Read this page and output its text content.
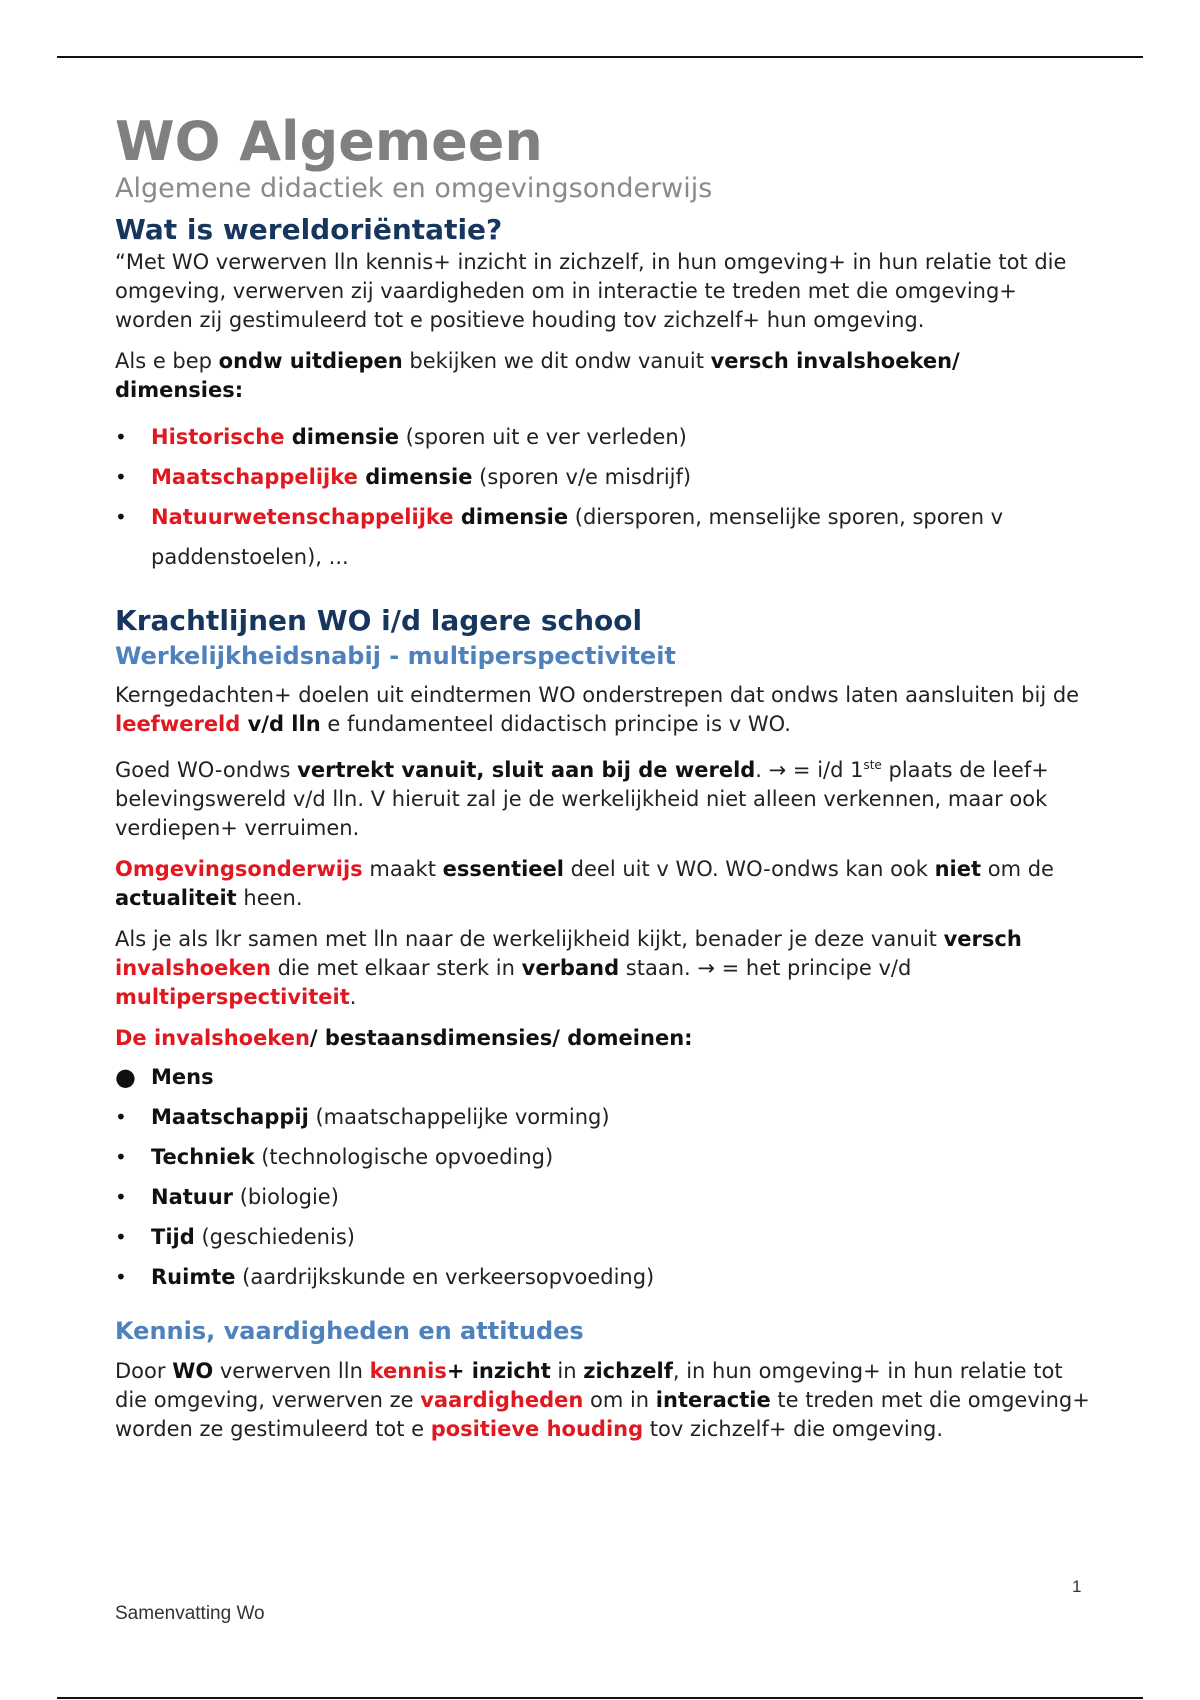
WO Algemeen
Algemene didactiek en omgevingsonderwijs
Wat is wereldoriëntatie?

“Met WO verwerven lln kennis+ inzicht in zichzelf, in hun omgeving+ in hun relatie tot die omgeving, verwerven zij vaardigheden om in interactie te treden met die omgeving+ worden zij gestimuleerd tot e positieve houding tov zichzelf+ hun omgeving.

Als e bep ondw uitdiepen bekijken we dit ondw vanuit versch invalshoeken/ dimensies:

• Historische dimensie (sporen uit e ver verleden)
• Maatschappelijke dimensie (sporen v/e misdrijf)
• Natuurwetenschappelijke dimensie (diersporen, menselijke sporen, sporen v paddenstoelen), ...
Krachtlijnen WO i/d lagere school
Werkelijkheidsnabij - multiperspectiviteit

Kerngedachten+ doelen uit eindtermen WO onderstrepen dat ondws laten aansluiten bij de leefwereld v/d lln e fundamenteel didactisch principe is v WO.

Goed WO-ondws vertrekt vanuit, sluit aan bij de wereld. → = i/d 1ste plaats de leef+ belevingswereld v/d lln. V hieruit zal je de werkelijkheid niet alleen verkennen, maar ook verdiepen+ verruimen.

Omgevingsonderwijs maakt essentieel deel uit v WO. WO-ondws kan ook niet om de actualiteit heen.

Als je als lkr samen met lln naar de werkelijkheid kijkt, benader je deze vanuit versch invalshoeken die met elkaar sterk in verband staan. → = het principe v/d multiperspectiviteit.

De invalshoeken/ bestaansdimensies/ domeinen:

● Mens
• Maatschappij (maatschappelijke vorming)
• Techniek (technologische opvoeding)
• Natuur (biologie)
• Tijd (geschiedenis)
• Ruimte (aardrijkskunde en verkeersopvoeding)
Kennis, vaardigheden en attitudes

Door WO verwerven lln kennis+ inzicht in zichzelf, in hun omgeving+ in hun relatie tot die omgeving, verwerven ze vaardigheden om in interactie te treden met die omgeving+ worden ze gestimuleerd tot e positieve houding tov zichzelf+ die omgeving.

1
Samenvatting Wo
